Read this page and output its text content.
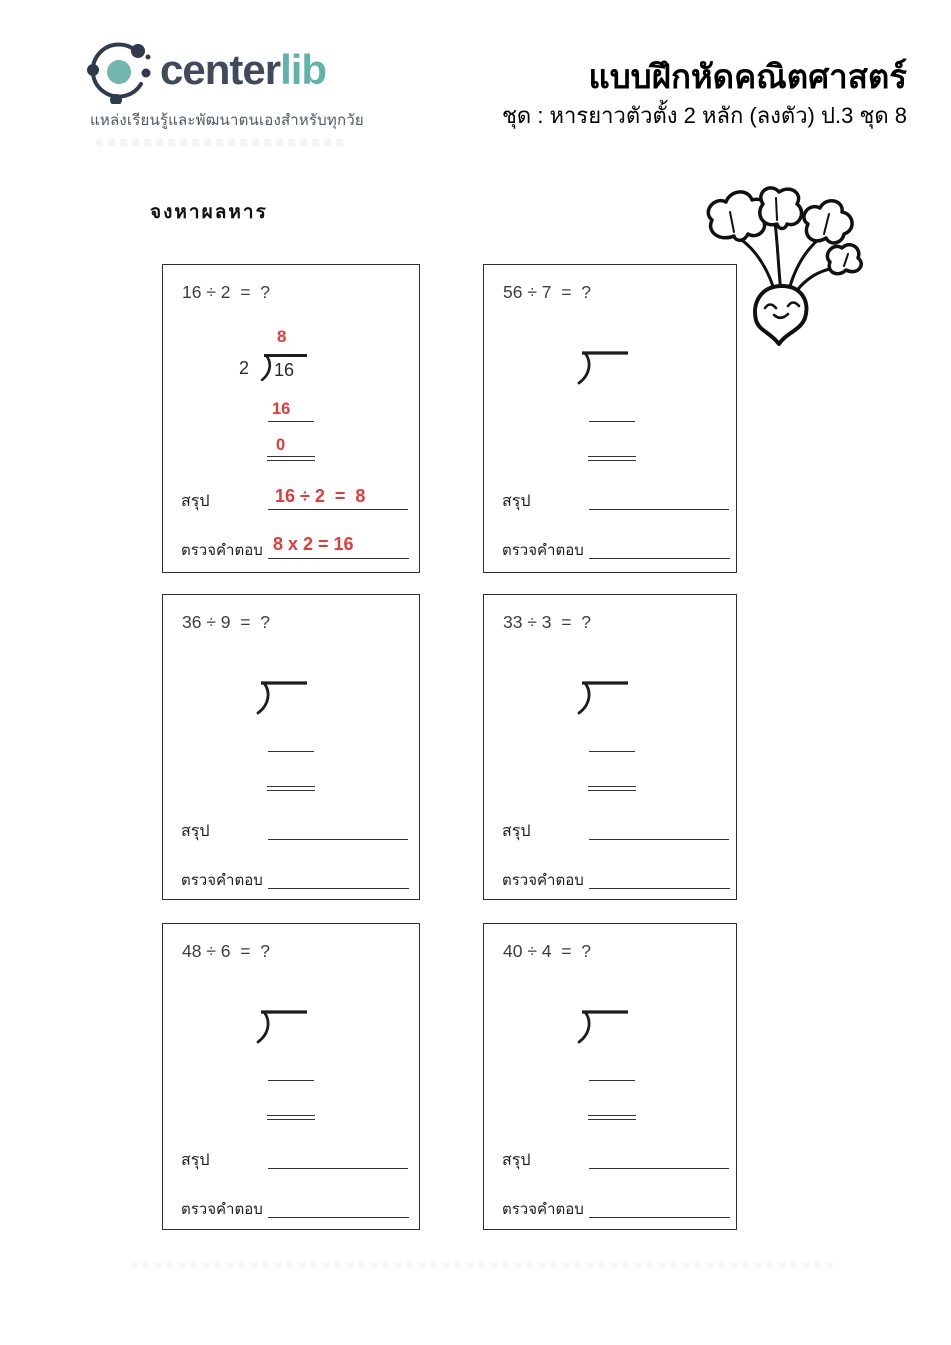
centerlib
แหล่งเรียนรู้และพัฒนาตนเองสำหรับทุกวัย
แบบฝึกหัดคณิตศาสตร์
ชุด : หารยาวตัวตั้ง 2 หลัก (ลงตัว) ป.3 ชุด 8
จงหาผลหาร
16 ÷ 2  =  ?
8
2 16
16
0
สรุป	16 ÷ 2  =  8
ตรวจคำตอบ 8 x 2 = 16
56 ÷ 7  =  ?
สรุป
ตรวจคำตอบ
36 ÷ 9  =  ?
สรุป
ตรวจคำตอบ
33 ÷ 3  =  ?
สรุป
ตรวจคำตอบ
48 ÷ 6  =  ?
สรุป
ตรวจคำตอบ
40 ÷ 4  =  ?
สรุป
ตรวจคำตอบ
